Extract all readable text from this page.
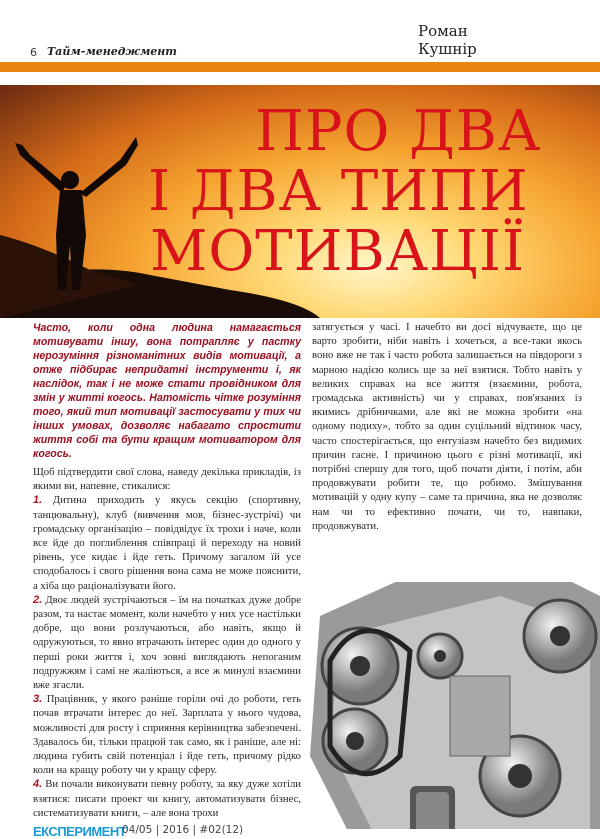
6 Тайм-менеджмент
Роман
Кушнір
ПРО ДВА
І ДВА ТИПИ
МОТИВАЦІЇ
Часто, коли одна людина намагається мотивувати іншу, вона потрапляє у пастку нерозуміння різноманітних видів мотивації, а отже підбирає непридатні інструменти і, як наслідок, так і не може стати провідником для змін у житті когось. Натомість чітке розуміння того, який тип мотивації застосувати у тих чи інших умовах, дозволяє набагато спростити життя собі та бути кращим мотиватором для когось.

Щоб підтвердити свої слова, наведу декілька прикладів, із якими ви, напевне, стикалися:

1. Дитина приходить у якусь секцію (спортивну, танцювальну), клуб (вивчення мов, бізнес-зустрічі) чи громадську організацію – повідвідує їх трохи і наче, коли все йде до поглиблення співпраці й переходу на новий рівень, усе кидає і йде геть. Причому загалом їй усе сподобалось і свого рішення вона сама не може пояснити, а хіба що раціоналізувати його.

2. Двоє людей зустрічаються – їм на початках дуже добре разом, та настає момент, коли начебто у них усе настільки добре, що вони розлучаються, або навіть, якщо й одружуються, то явно втрачають інтерес один до одного у перші роки життя і, хоч зовні виглядають непоганим подружжям і самі не жаліються, а все ж минулі взаємини вже згасли.

3. Працівник, у якого раніше горіли очі до роботи, геть почав втрачати інтерес до неї. Зарплата у нього чудова, можливості для росту і сприяння керівництва забезпечені. Здавалось би, тільки працюй так само, як і раніше, але ні: людина губить свій потенціал і йде геть, причому рідко коли на кращу роботу чи у кращу сферу.

4. Ви почали виконувати певну роботу, за яку дуже хотіли взятися: писати проект чи книгу, автоматизувати бізнес, систематизувати книги, – але вона трохи

затягується у часі. І начебто ви досі відчуваєте, що це варто зробити, ніби навіть і хочеться, а все-таки якось воно вже не так і часто робота залишається на півдороги з марною надією колись ще за неї взятися. Тобто навіть у великих справах на все життя (взаємини, робота, громадська активність) чи у справах, пов'язаних із якимись дрібничками, але які не можна зробити «на одному подиху», тобто за один суцільний відтинок часу, часто спостерігається, що ентузіазм начебто без видимих причин гасне. І причиною цього є різні мотивації, які потрібні спершу для того, щоб почати діяти, і потім, аби продовжувати робити те, що робимо. Змішування мотивацій у одну купу – саме та причина, яка не дозволяє нам чи то ефективно почати, чи то, навпаки, продовжувати.
ЕКСПЕРИМЕНТ
04/05 | 2016 | #02(12)
